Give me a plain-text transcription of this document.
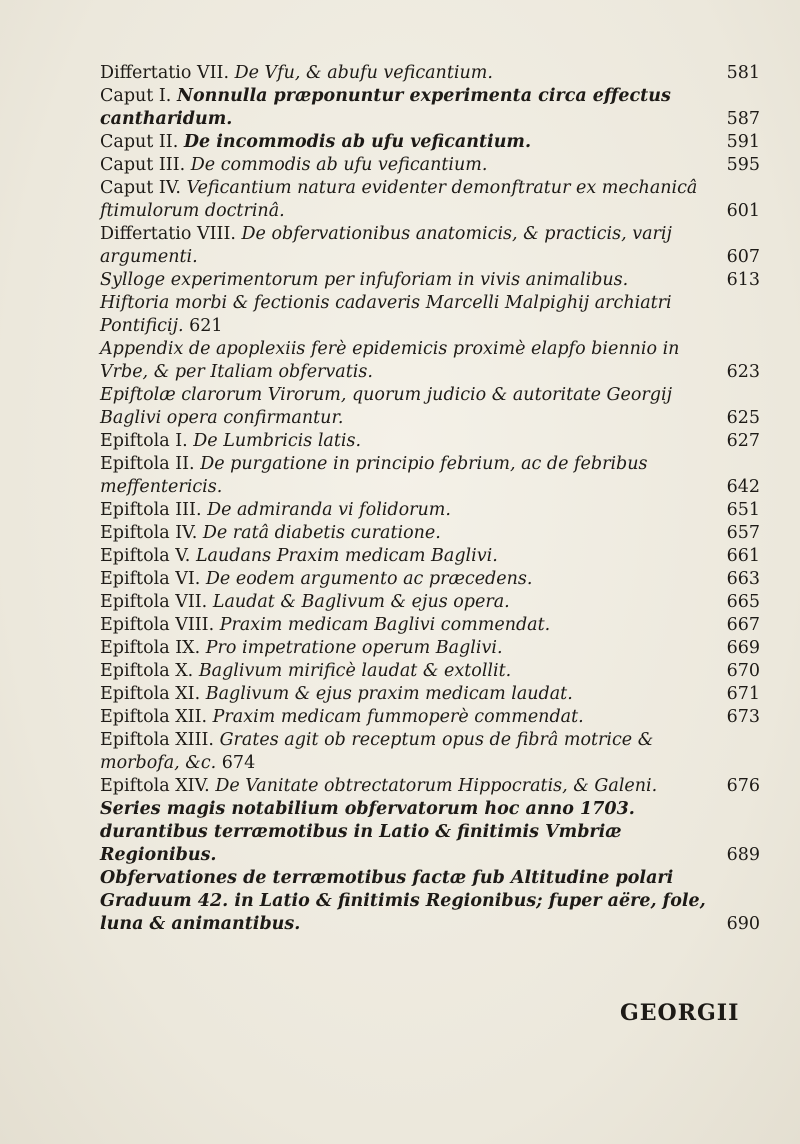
Differtatio VII. De Vfu, & abufu veficantium.	581
Caput I. Nonnulla præponuntur experimenta circa effectus cantharidum.	587
Caput II. De incommodis ab ufu veficantium.	591
Caput III. De commodis ab ufu veficantium.	595
Caput IV. Veficantium natura evidenter demonftratur ex mechanicâ ftimulorum doctrinâ.	601
Differtatio VIII. De obfervationibus anatomicis, & practicis, varij argumenti.	607
Sylloge experimentorum per infuforiam in vivis animalibus.	613
Hiftoria morbi & fectionis cadaveris Marcelli Malpighij archiatri Pontificij. 621
Appendix de apoplexiis ferè epidemicis proximè elapfo biennio in Vrbe, & per Italiam obfervatis.	623
Epiftolæ clarorum Virorum, quorum judicio & autoritate Georgij Baglivi opera confirmantur.	625
Epiftola I. De Lumbricis latis.	627
Epiftola II. De purgatione in principio febrium, ac de febribus meffentericis.	642
Epiftola III. De admiranda vi folidorum.	651
Epiftola IV. De ratâ diabetis curatione.	657
Epiftola V. Laudans Praxim medicam Baglivi.	661
Epiftola VI. De eodem argumento ac præcedens.	663
Epiftola VII. Laudat & Baglivum & ejus opera.	665
Epiftola VIII. Praxim medicam Baglivi commendat.	667
Epiftola IX. Pro impetratione operum Baglivi.	669
Epiftola X. Baglivum mirificè laudat & extollit.	670
Epiftola XI. Baglivum & ejus praxim medicam laudat.	671
Epiftola XII. Praxim medicam fummoperè commendat.	673
Epiftola XIII. Grates agit ob receptum opus de fibrâ motrice & morbofa, &c. 674
Epiftola XIV. De Vanitate obtrectatorum Hippocratis, & Galeni.	676
Series magis notabilium obfervatorum hoc anno 1703. durantibus terræmotibus in Latio & finitimis Vmbriæ Regionibus.	689
Obfervationes de terræmotibus factæ fub Altitudine polari Graduum 42. in Latio & finitimis Regionibus; fuper aëre, fole, luna & animantibus.	690
GEORGII
